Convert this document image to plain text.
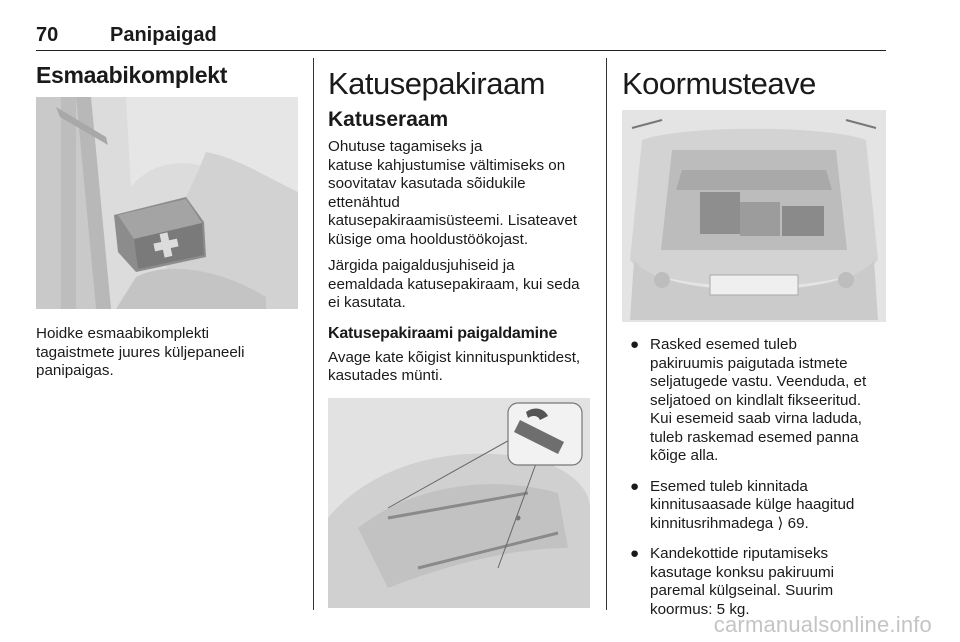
70	Panipaigad
Esmaabikomplekt

Hoidke esmaabikomplekti

tagaistmete juures küljepaneeli

panipaigas.

Katusepakiraam
Katuseraam

Ohutuse tagamiseks ja

katuse kahjustumise vältimiseks on

soovitatav kasutada sõidukile

ettenähtud

katusepakiraamisüsteemi. Lisateavet

küsige oma hooldustöökojast.

Järgida paigaldusjuhiseid ja

eemaldada katusepakiraam, kui seda

ei kasutata.

Katusepakiraami paigaldamine

Avage kate kõigist kinnituspunktidest,

kasutades münti.

Koormusteave
● Rasked esemed tuleb
pakiruumis paigutada istmete
seljatugede vastu. Veenduda, et
seljatoed on kindlalt fikseeritud.
Kui esemeid saab virna laduda,
tuleb raskemad esemed panna
kõige alla.
● Esemed tuleb kinnitada
kinnitusaasade külge haagitud
kinnitusrihmadega ⟩ 69.
● Kandekottide riputamiseks
kasutage konksu pakiruumi
paremal külgseinal. Suurim
koormus: 5 kg.
carmanualsonline.info
